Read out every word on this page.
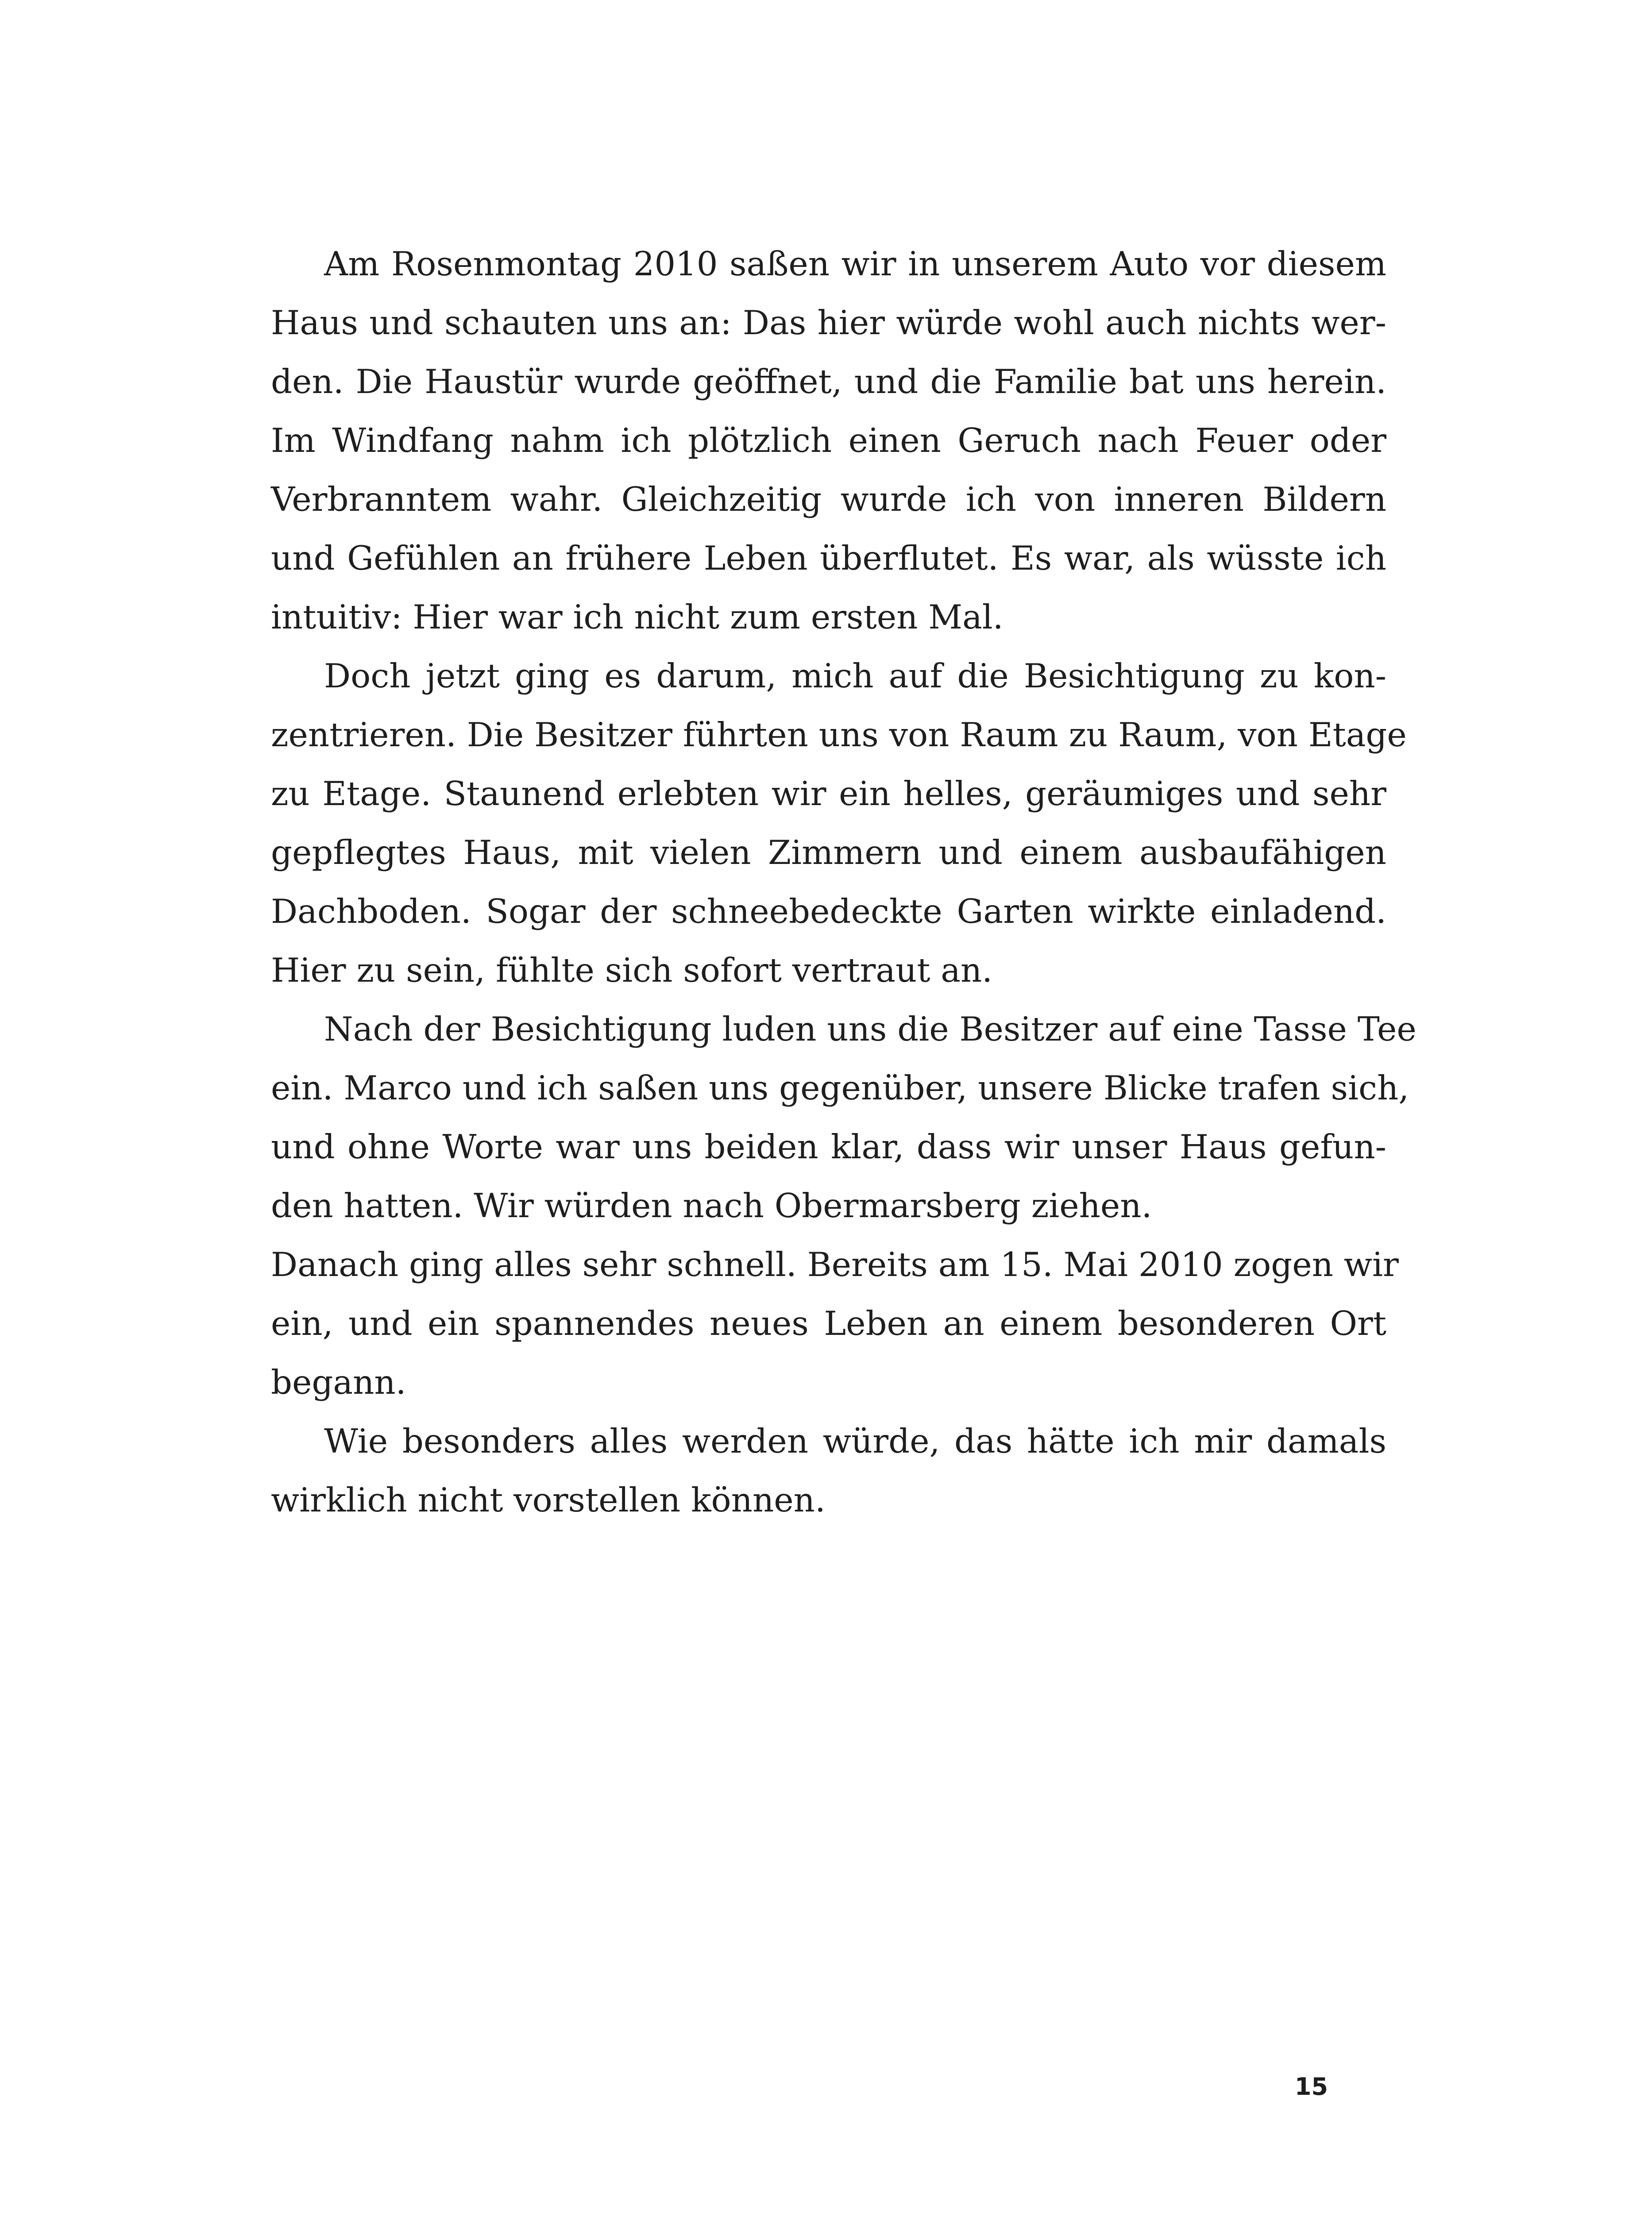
Am Rosenmontag 2010 saßen wir in unserem Auto vor diesem
Haus und schauten uns an: Das hier würde wohl auch nichts wer-
den. Die Haustür wurde geöffnet, und die Familie bat uns herein.
Im Windfang nahm ich plötzlich einen Geruch nach Feuer oder
Verbranntem wahr. Gleichzeitig wurde ich von inneren Bildern
und Gefühlen an frühere Leben überflutet. Es war, als wüsste ich
intuitiv: Hier war ich nicht zum ersten Mal.
Doch jetzt ging es darum, mich auf die Besichtigung zu kon-
zentrieren. Die Besitzer führten uns von Raum zu Raum, von Etage
zu Etage. Staunend erlebten wir ein helles, geräumiges und sehr
gepflegtes Haus, mit vielen Zimmern und einem ausbaufähigen
Dachboden. Sogar der schneebedeckte Garten wirkte einladend.
Hier zu sein, fühlte sich sofort vertraut an.
Nach der Besichtigung luden uns die Besitzer auf eine Tasse Tee
ein. Marco und ich saßen uns gegenüber, unsere Blicke trafen sich,
und ohne Worte war uns beiden klar, dass wir unser Haus gefun-
den hatten. Wir würden nach Obermarsberg ziehen.
Danach ging alles sehr schnell. Bereits am 15. Mai 2010 zogen wir
ein, und ein spannendes neues Leben an einem besonderen Ort
begann.
Wie besonders alles werden würde, das hätte ich mir damals
wirklich nicht vorstellen können.
15
